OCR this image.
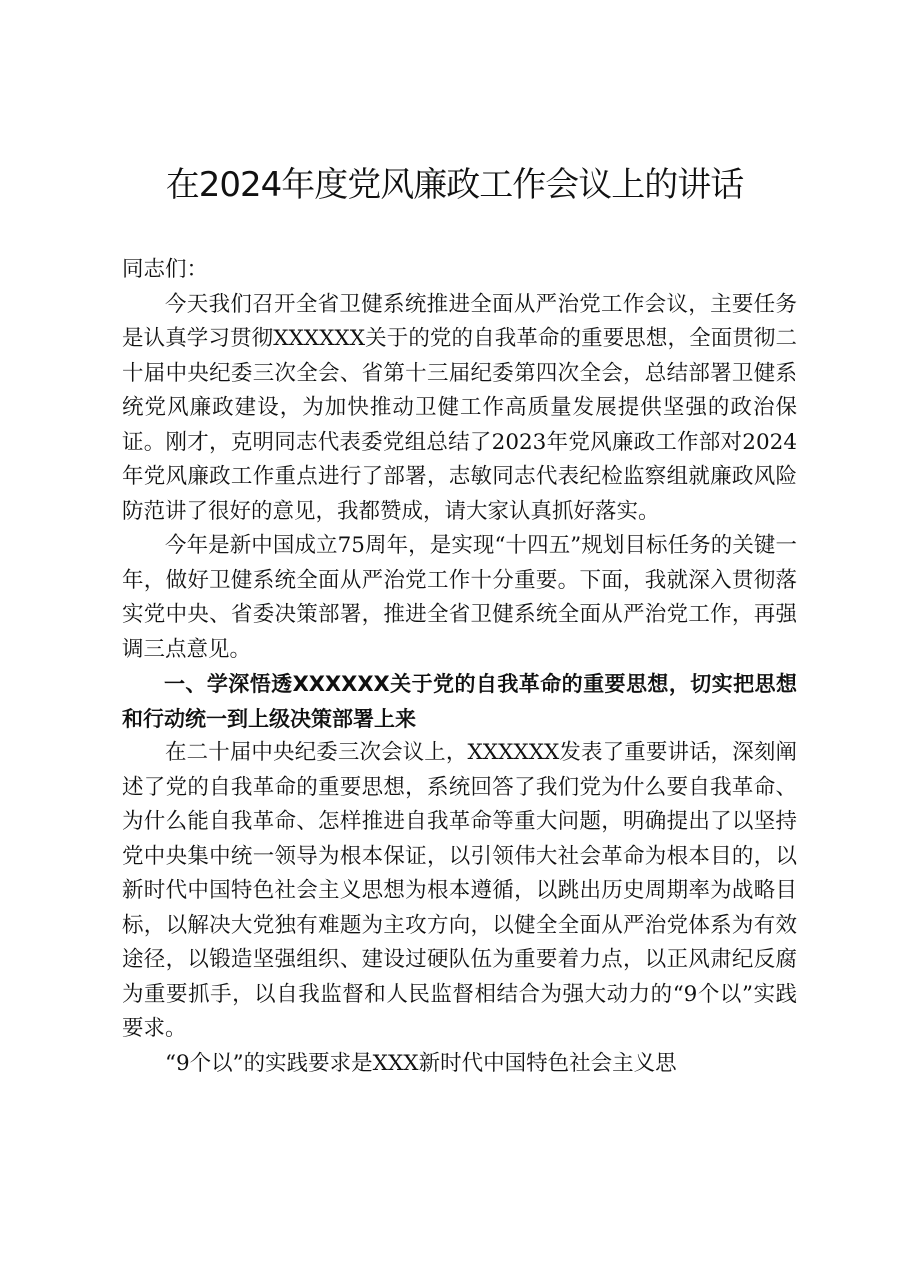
在2024年度党风廉政工作会议上的讲话

同志们：

今天我们召开全省卫健系统推进全面从严治党工作会议，主要任务是认真学习贯彻XXXXXX关于的党的自我革命的重要思想，全面贯彻二十届中央纪委三次全会、省第十三届纪委第四次全会，总结部署卫健系统党风廉政建设，为加快推动卫健工作高质量发展提供坚强的政治保证。刚才，克明同志代表委党组总结了2023年党风廉政工作部对2024年党风廉政工作重点进行了部署，志敏同志代表纪检监察组就廉政风险防范讲了很好的意见，我都赞成，请大家认真抓好落实。

今年是新中国成立75周年，是实现“十四五”规划目标任务的关键一年，做好卫健系统全面从严治党工作十分重要。下面，我就深入贯彻落实党中央、省委决策部署，推进全省卫健系统全面从严治党工作，再强调三点意见。

一、学深悟透XXXXXX关于党的自我革命的重要思想，切实把思想和行动统一到上级决策部署上来

在二十届中央纪委三次会议上，XXXXXX发表了重要讲话，深刻阐述了党的自我革命的重要思想，系统回答了我们党为什么要自我革命、为什么能自我革命、怎样推进自我革命等重大问题，明确提出了以坚持党中央集中统一领导为根本保证，以引领伟大社会革命为根本目的，以新时代中国特色社会主义思想为根本遵循，以跳出历史周期率为战略目标，以解决大党独有难题为主攻方向，以健全全面从严治党体系为有效途径，以锻造坚强组织、建设过硬队伍为重要着力点，以正风肃纪反腐为重要抓手，以自我监督和人民监督相结合为强大动力的“9个以”实践要求。

“9个以”的实践要求是XXX新时代中国特色社会主义思
